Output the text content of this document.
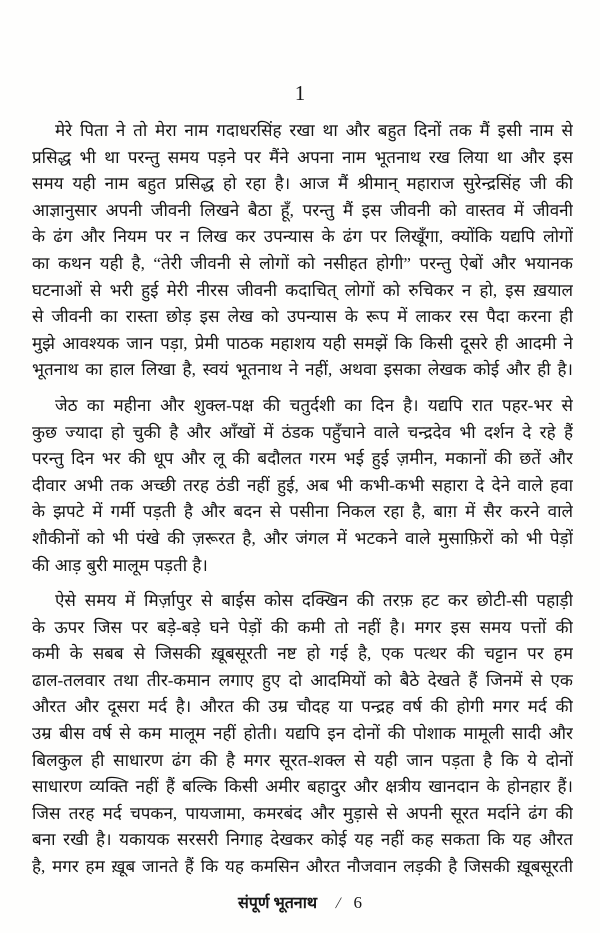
1
मेरे पिता ने तो मेरा नाम गदाधरसिंह रखा था और बहुत दिनों तक मैं इसी नाम से
प्रसिद्ध भी था परन्तु समय पड़ने पर मैंने अपना नाम भूतनाथ रख लिया था और इस
समय यही नाम बहुत प्रसिद्ध हो रहा है। आज मैं श्रीमान् महाराज सुरेन्द्रसिंह जी की
आज्ञानुसार अपनी जीवनी लिखने बैठा हूँ, परन्तु मैं इस जीवनी को वास्तव में जीवनी
के ढंग और नियम पर न लिख कर उपन्यास के ढंग पर लिखूँगा, क्योंकि यद्यपि लोगों
का कथन यही है, “तेरी जीवनी से लोगों को नसीहत होगी” परन्तु ऐबों और भयानक
घटनाओं से भरी हुई मेरी नीरस जीवनी कदाचित् लोगों को रुचिकर न हो, इस ख़याल
से जीवनी का रास्ता छोड़ इस लेख को उपन्यास के रूप में लाकर रस पैदा करना ही
मुझे आवश्यक जान पड़ा, प्रेमी पाठक महाशय यही समझें कि किसी दूसरे ही आदमी ने
भूतनाथ का हाल लिखा है, स्वयं भूतनाथ ने नहीं, अथवा इसका लेखक कोई और ही है।
जेठ का महीना और शुक्ल-पक्ष की चतुर्दशी का दिन है। यद्यपि रात पहर-भर से
कुछ ज्यादा हो चुकी है और आँखों में ठंडक पहुँचाने वाले चन्द्रदेव भी दर्शन दे रहे हैं
परन्तु दिन भर की धूप और लू की बदौलत गरम भई हुई ज़मीन, मकानों की छतें और
दीवार अभी तक अच्छी तरह ठंडी नहीं हुई, अब भी कभी-कभी सहारा दे देने वाले हवा
के झपटे में गर्मी पड़ती है और बदन से पसीना निकल रहा है, बाग़ में सैर करने वाले
शौकीनों को भी पंखे की ज़रूरत है, और जंगल में भटकने वाले मुसाफ़िरों को भी पेड़ों
की आड़ बुरी मालूम पड़ती है।
ऐसे समय में मिर्ज़ापुर से बाईस कोस दक्खिन की तरफ़ हट कर छोटी-सी पहाड़ी
के ऊपर जिस पर बड़े-बड़े घने पेड़ों की कमी तो नहीं है। मगर इस समय पत्तों की
कमी के सबब से जिसकी ख़ूबसूरती नष्ट हो गई है, एक पत्थर की चट्टान पर हम
ढाल-तलवार तथा तीर-कमान लगाए हुए दो आदमियों को बैठे देखते हैं जिनमें से एक
औरत और दूसरा मर्द है। औरत की उम्र चौदह या पन्द्रह वर्ष की होगी मगर मर्द की
उम्र बीस वर्ष से कम मालूम नहीं होती। यद्यपि इन दोनों की पोशाक मामूली सादी और
बिलकुल ही साधारण ढंग की है मगर सूरत-शक्ल से यही जान पड़ता है कि ये दोनों
साधारण व्यक्ति नहीं हैं बल्कि किसी अमीर बहादुर और क्षत्रीय खानदान के होनहार हैं।
जिस तरह मर्द चपकन, पायजामा, कमरबंद और मुड़ासे से अपनी सूरत मर्दाने ढंग की
बना रखी है। यकायक सरसरी निगाह देखकर कोई यह नहीं कह सकता कि यह औरत
है, मगर हम ख़ूब जानते हैं कि यह कमसिन औरत नौजवान लड़की है जिसकी ख़ूबसूरती
संपूर्ण भूतनाथ / 6
